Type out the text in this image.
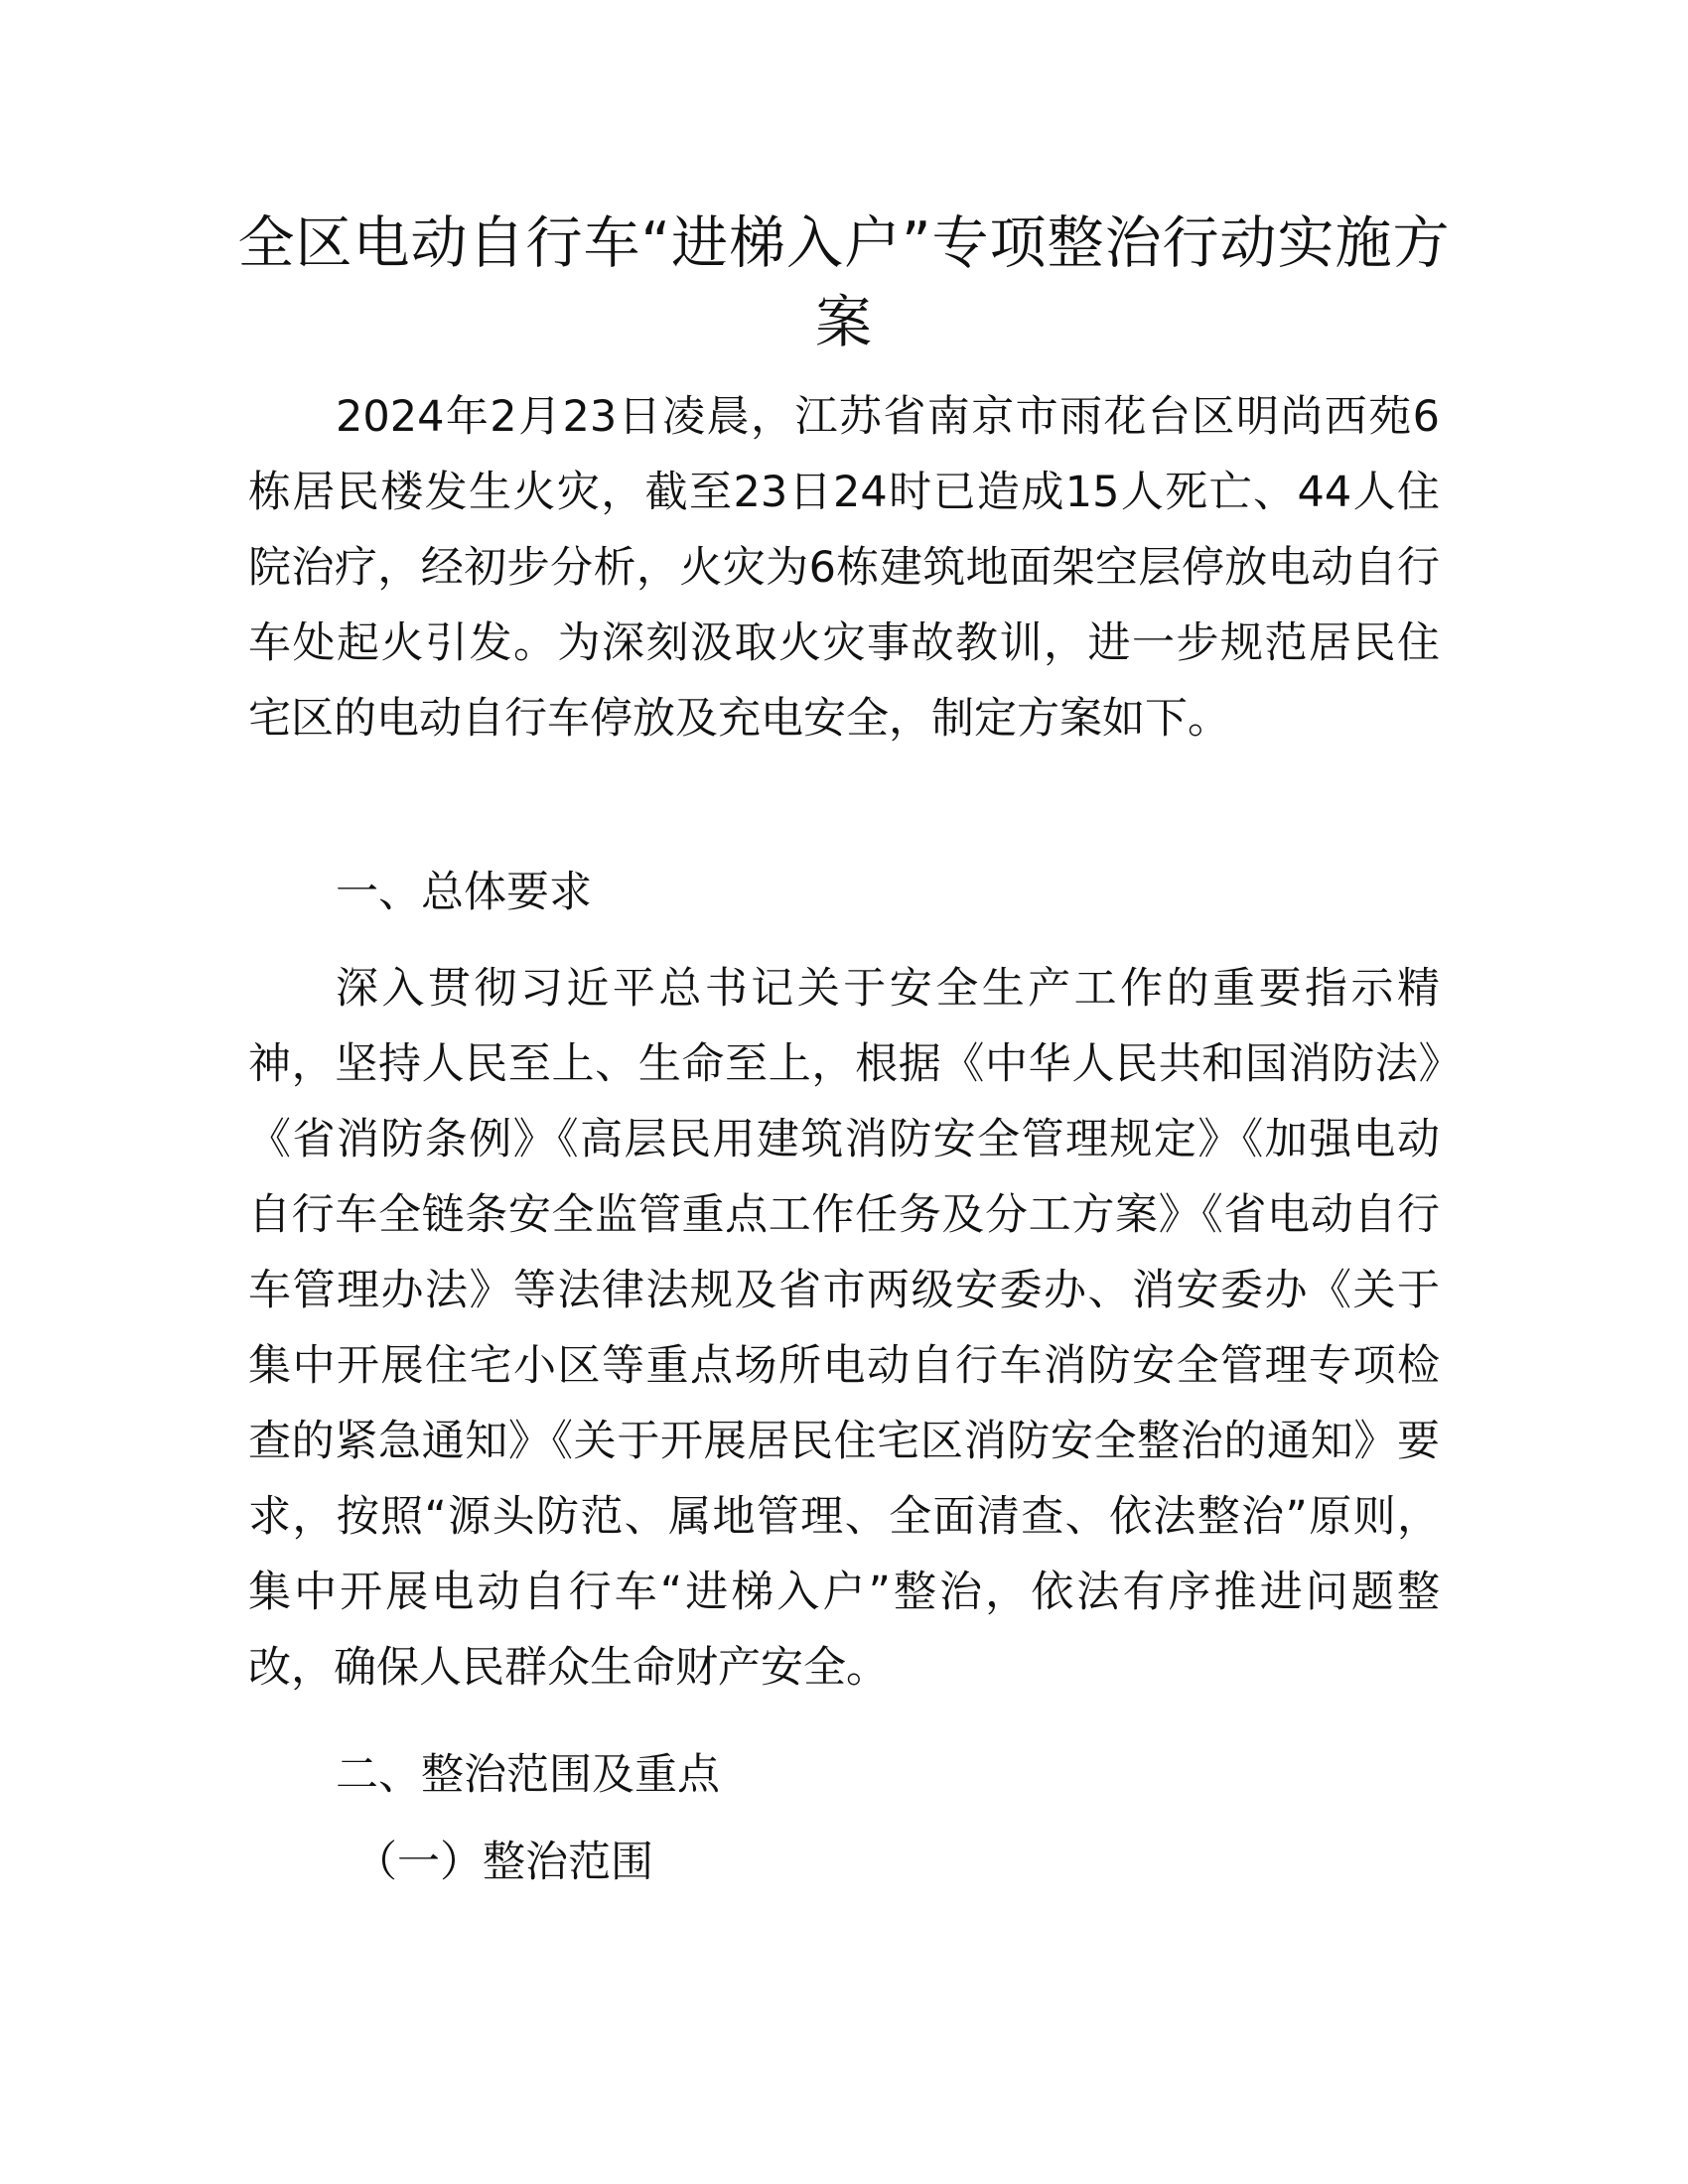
全区电动自行车“进梯入户”专项整治行动实施方案

2024年2月23日凌晨，江苏省南京市雨花台区明尚西苑6栋居民楼发生火灾，截至23日24时已造成15人死亡、44人住院治疗，经初步分析，火灾为6栋建筑地面架空层停放电动自行车处起火引发。为深刻汲取火灾事故教训，进一步规范居民住宅区的电动自行车停放及充电安全，制定方案如下。

一、总体要求

深入贯彻习近平总书记关于安全生产工作的重要指示精神，坚持人民至上、生命至上，根据《中华人民共和国消防法》《省消防条例》《高层民用建筑消防安全管理规定》《加强电动自行车全链条安全监管重点工作任务及分工方案》《省电动自行车管理办法》等法律法规及省市两级安委办、消安委办《关于集中开展住宅小区等重点场所电动自行车消防安全管理专项检查的紧急通知》《关于开展居民住宅区消防安全整治的通知》要求，按照“源头防范、属地管理、全面清查、依法整治”原则，集中开展电动自行车“进梯入户”整治，依法有序推进问题整改，确保人民群众生命财产安全。

二、整治范围及重点

（一）整治范围
